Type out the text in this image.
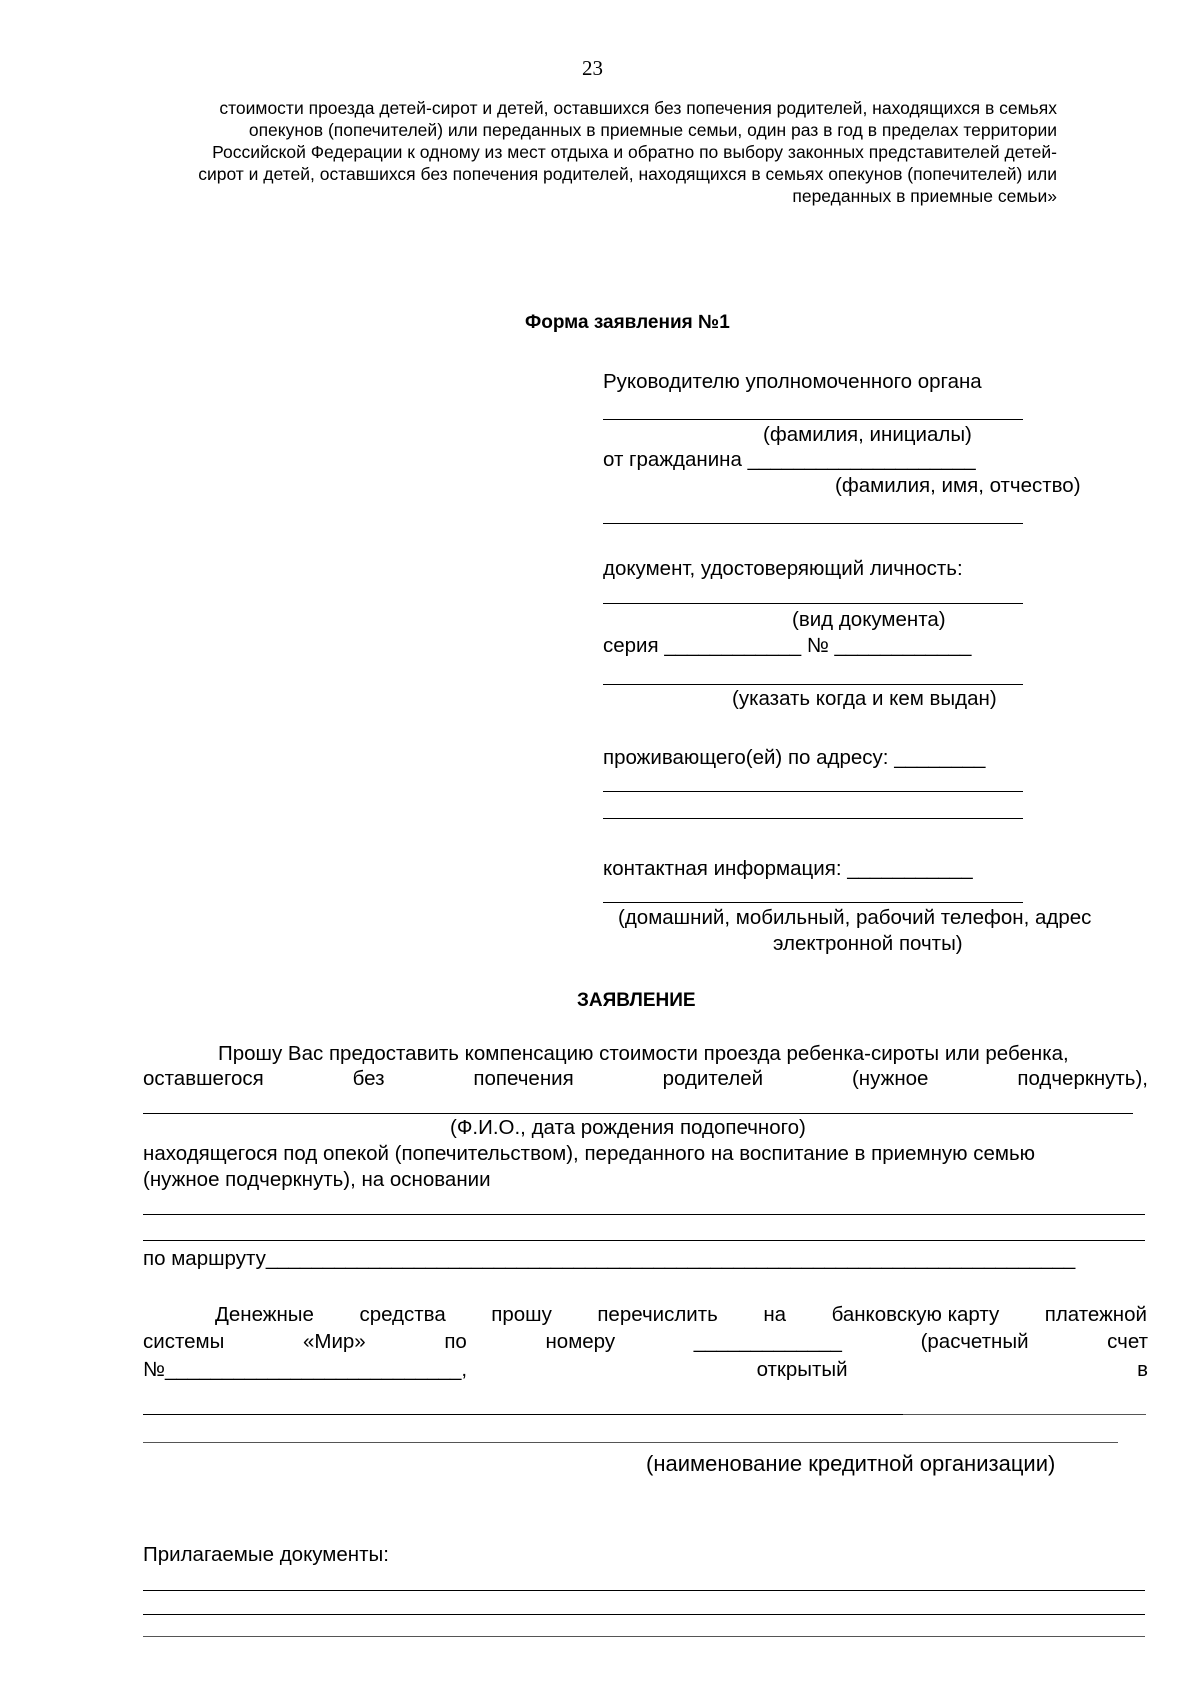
23
стоимости проезда детей-сирот и детей, оставшихся без попечения родителей, находящихся в семьях
опекунов (попечителей) или переданных в приемные семьи, один раз в год в пределах территории
Российской Федерации к одному из мест отдыха и обратно по выбору законных представителей детей-
сирот и детей, оставшихся без попечения родителей, находящихся в семьях опекунов (попечителей) или
переданных в приемные семьи»
Форма заявления №1
Руководителю уполномоченного органа
(фамилия, инициалы)
от гражданина ____________________
(фамилия, имя, отчество)
документ, удостоверяющий личность:
(вид документа)
серия ____________ № ____________
(указать когда и кем выдан)
проживающего(ей) по адресу: ________
контактная информация: ___________
(домашний, мобильный, рабочий телефон, адрес
электронной почты)
ЗАЯВЛЕНИЕ
Прошу Вас предоставить компенсацию стоимости проезда ребенка-сироты или ребенка,
оставшегося	без	попечения	родителей	(нужное	подчеркнуть),
(Ф.И.О., дата рождения подопечного)
находящегося под опекой (попечительством), переданного на воспитание в приемную семью
(нужное подчеркнуть), на основании
по маршруту_______________________________________________________________________
Денежные средства прошу перечислить на банковскую карту платежной
системы	«Мир»	по	номеру	_____________	(расчетный	счет
№__________________________,	открытый	в
(наименование кредитной организации)
Прилагаемые документы:
